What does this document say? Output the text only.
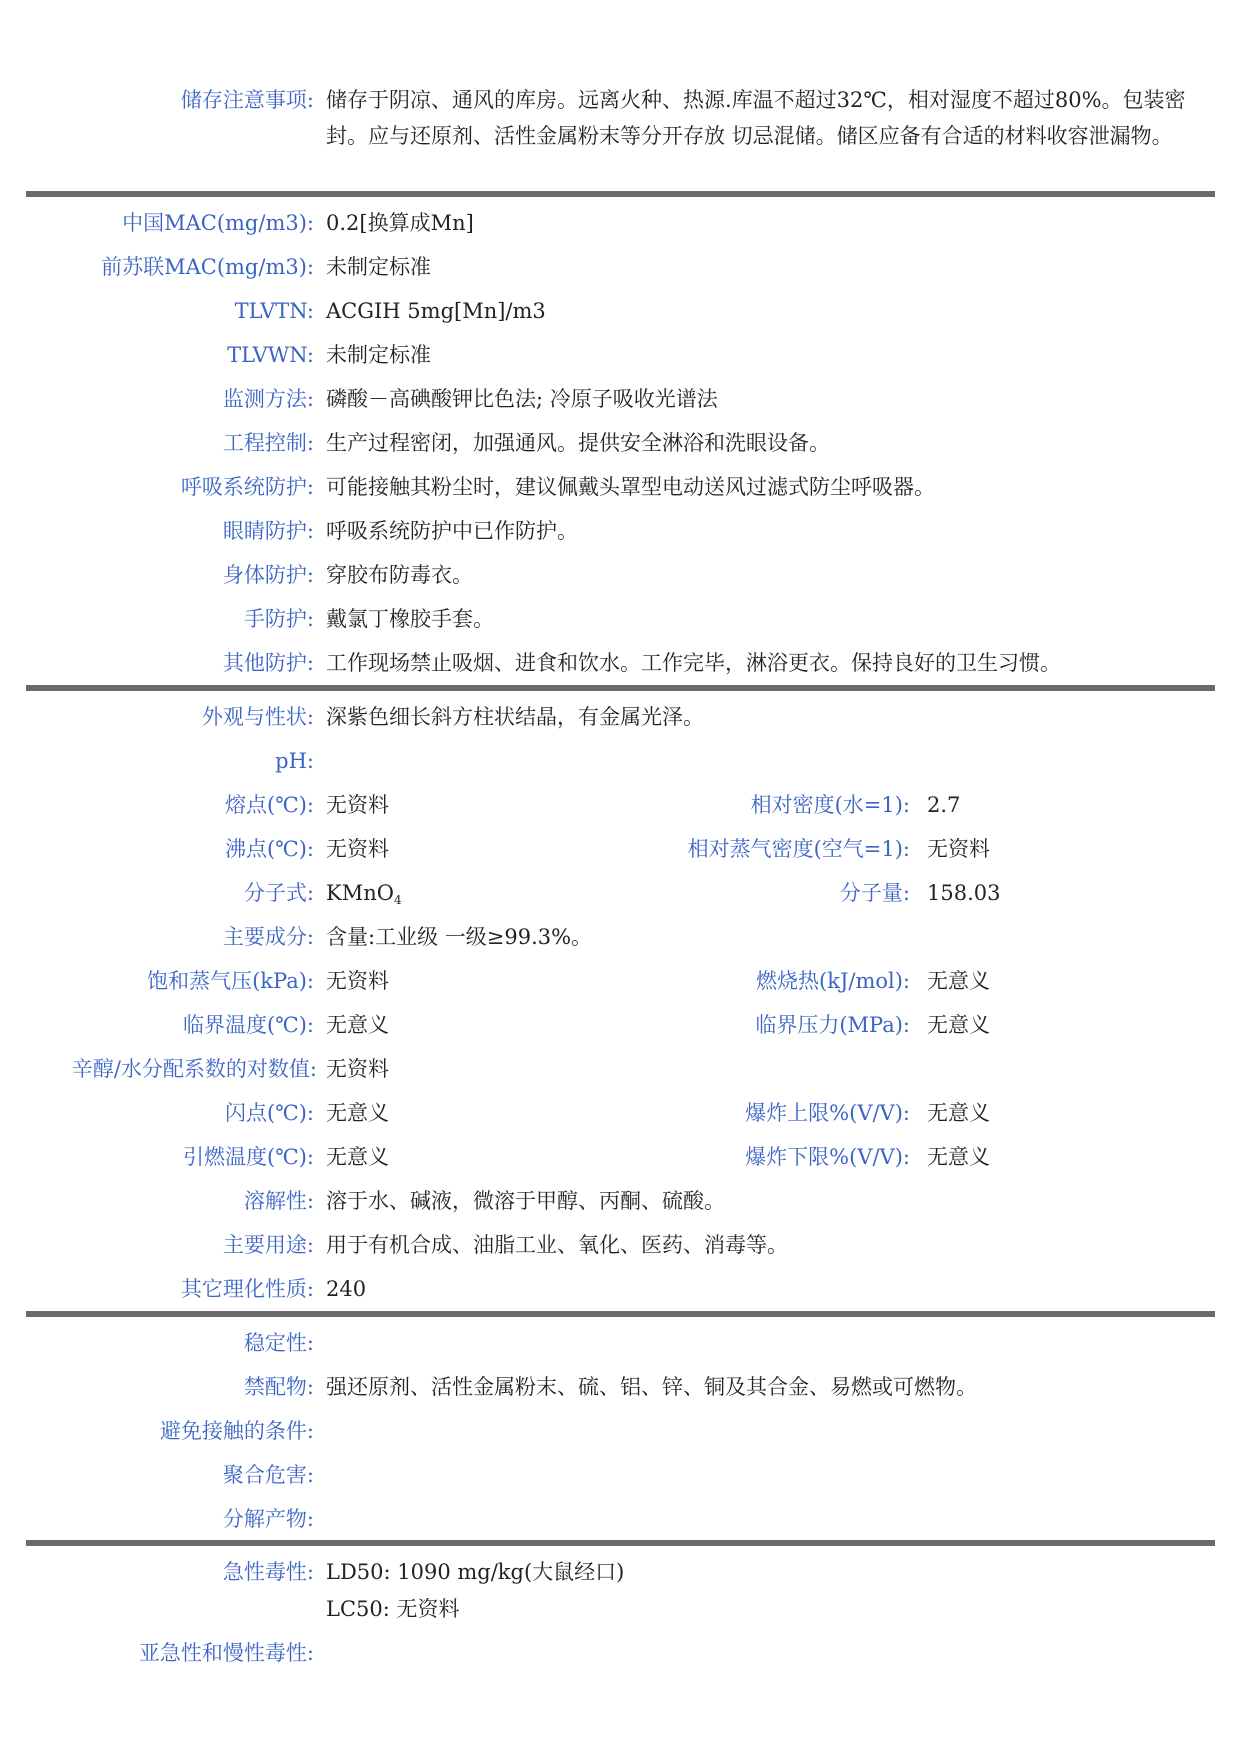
储存注意事项: 储存于阴凉、通风的库房。远离火种、热源.库温不超过32℃，相对湿度不超过80%。包装密封。应与还原剂、活性金属粉末等分开存放 切忌混储。储区应备有合适的材料收容泄漏物。
中国MAC(mg/m3): 0.2[换算成Mn]
前苏联MAC(mg/m3): 未制定标准
TLVTN: ACGIH 5mg[Mn]/m3
TLVWN: 未制定标准
监测方法: 磷酸－高碘酸钾比色法; 冷原子吸收光谱法
工程控制: 生产过程密闭，加强通风。提供安全淋浴和洗眼设备。
呼吸系统防护: 可能接触其粉尘时，建议佩戴头罩型电动送风过滤式防尘呼吸器。
眼睛防护: 呼吸系统防护中已作防护。
身体防护: 穿胶布防毒衣。
手防护: 戴氯丁橡胶手套。
其他防护: 工作现场禁止吸烟、进食和饮水。工作完毕，淋浴更衣。保持良好的卫生习惯。
外观与性状: 深紫色细长斜方柱状结晶，有金属光泽。
pH:
熔点(℃): 无资料	相对密度(水=1): 2.7
沸点(℃): 无资料	相对蒸气密度(空气=1): 无资料
分子式: KMnO$_4$	分子量: 158.03
主要成分: 含量:工业级 一级≥99.3%。
饱和蒸气压(kPa): 无资料	燃烧热(kJ/mol): 无意义
临界温度(℃): 无意义	临界压力(MPa): 无意义
辛醇/水分配系数的对数值: 无资料
闪点(℃): 无意义	爆炸上限%(V/V): 无意义
引燃温度(℃): 无意义	爆炸下限%(V/V): 无意义
溶解性: 溶于水、碱液，微溶于甲醇、丙酮、硫酸。
主要用途: 用于有机合成、油脂工业、氧化、医药、消毒等。
其它理化性质: 240
稳定性:
禁配物: 强还原剂、活性金属粉末、硫、铝、锌、铜及其合金、易燃或可燃物。
避免接触的条件:
聚合危害:
分解产物:
急性毒性: LD50: 1090 mg/kg(大鼠经口)
LC50: 无资料
亚急性和慢性毒性:
